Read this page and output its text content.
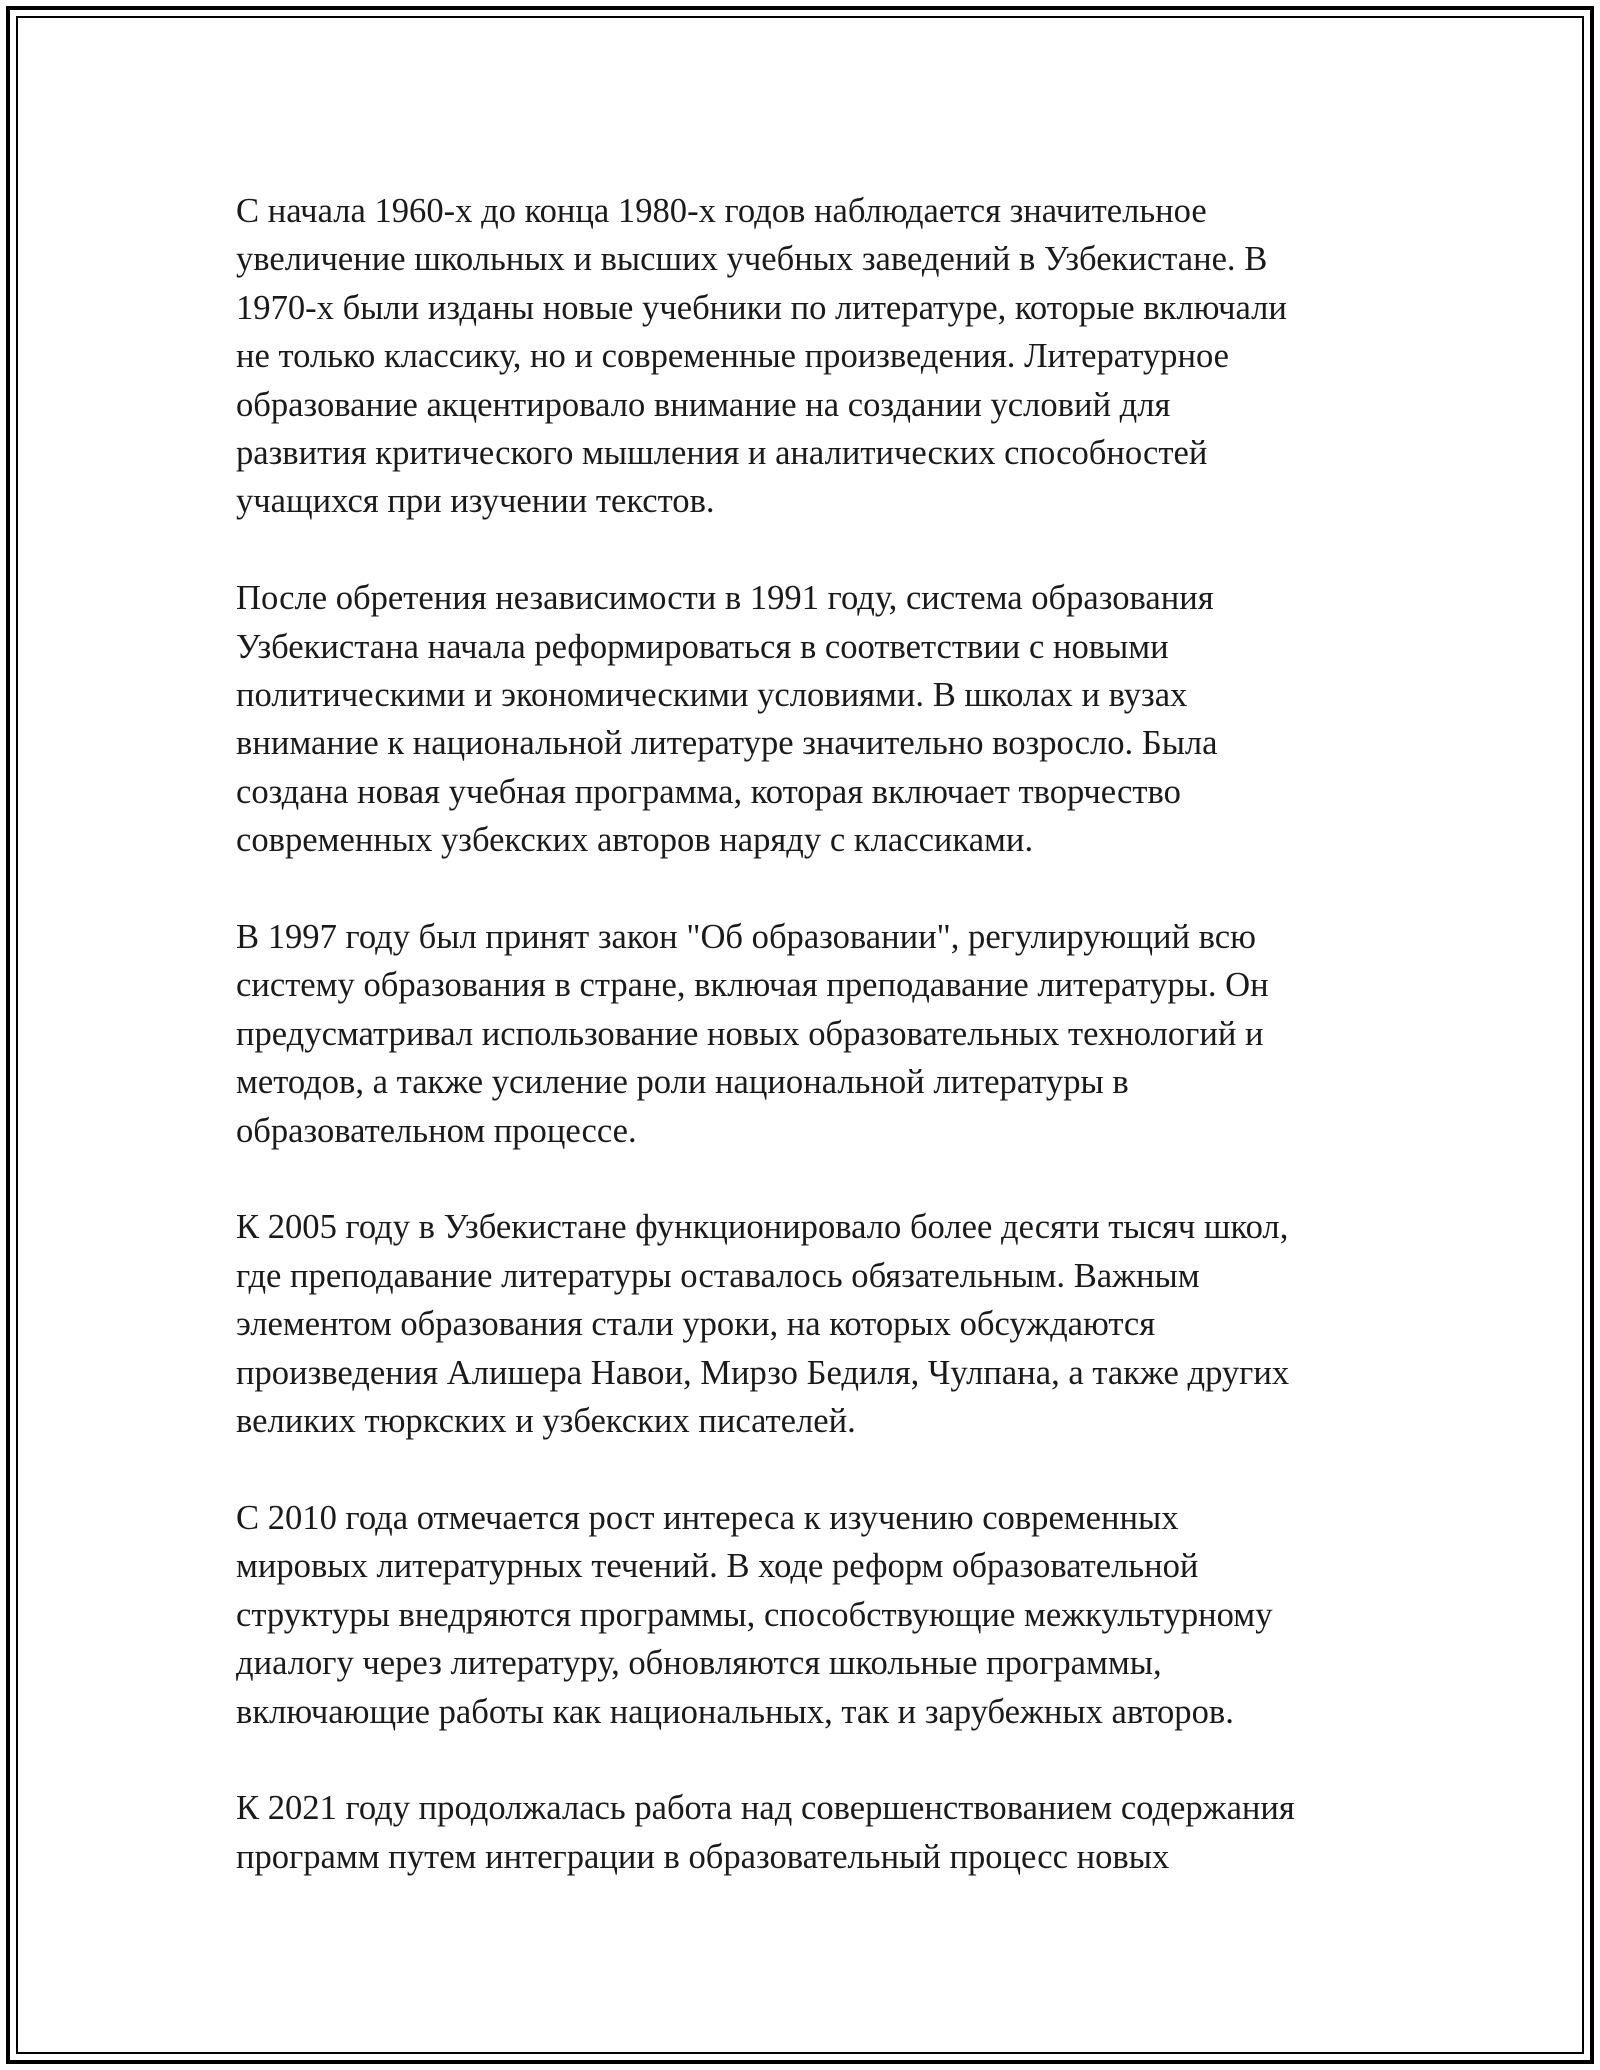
С начала 1960-х до конца 1980-х годов наблюдается значительное
увеличение школьных и высших учебных заведений в Узбекистане. В
1970-х были изданы новые учебники по литературе, которые включали
не только классику, но и современные произведения. Литературное
образование акцентировало внимание на создании условий для
развития критического мышления и аналитических способностей
учащихся при изучении текстов.

После обретения независимости в 1991 году, система образования
Узбекистана начала реформироваться в соответствии с новыми
политическими и экономическими условиями. В школах и вузах
внимание к национальной литературе значительно возросло. Была
создана новая учебная программа, которая включает творчество
современных узбекских авторов наряду с классиками.

В 1997 году был принят закон "Об образовании", регулирующий всю
систему образования в стране, включая преподавание литературы. Он
предусматривал использование новых образовательных технологий и
методов, а также усиление роли национальной литературы в
образовательном процессе.

К 2005 году в Узбекистане функционировало более десяти тысяч школ,
где преподавание литературы оставалось обязательным. Важным
элементом образования стали уроки, на которых обсуждаются
произведения Алишера Навои, Мирзо Бедиля, Чулпана, а также других
великих тюркских и узбекских писателей.

С 2010 года отмечается рост интереса к изучению современных
мировых литературных течений. В ходе реформ образовательной
структуры внедряются программы, способствующие межкультурному
диалогу через литературу, обновляются школьные программы,
включающие работы как национальных, так и зарубежных авторов.

К 2021 году продолжалась работа над совершенствованием содержания
программ путем интеграции в образовательный процесс новых
